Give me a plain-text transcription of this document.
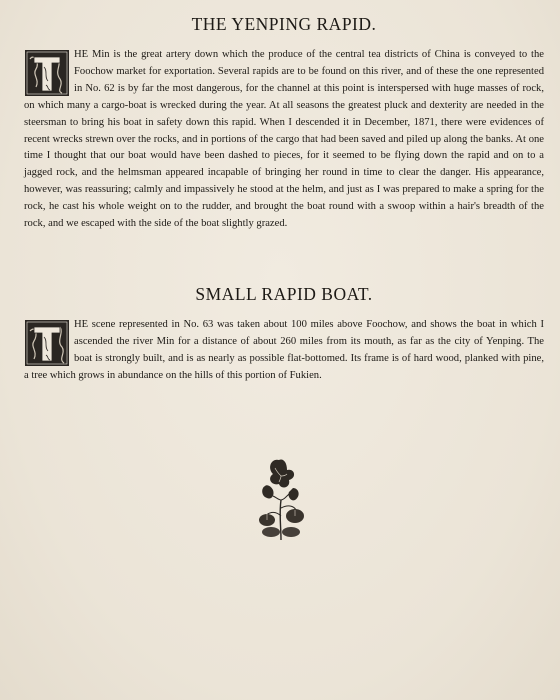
THE YENPING RAPID.

T
HE Min is the great artery down which the produce of the central tea districts of China is conveyed to the Foochow market for exportation. Several rapids are to be found on this river, and of these the one represented in No. 62 is by far the most dangerous, for the channel at this point is interspersed with huge masses of rock, on which many a cargo-boat is wrecked during the year. At all seasons the greatest pluck and dexterity are needed in the steersman to bring his boat in safety down this rapid. When I descended it in December, 1871, there were evidences of recent wrecks strewn over the rocks, and in portions of the cargo that had been saved and piled up along the banks. At one time I thought that our boat would have been dashed to pieces, for it seemed to be flying down the rapid and on to a jagged rock, and the helmsman appeared incapable of bringing her round in time to clear the danger. His appearance, however, was reassuring; calmly and impassively he stood at the helm, and just as I was prepared to make a spring for the rock, he cast his whole weight on to the rudder, and brought the boat round with a swoop within a hair's breadth of the rock, and we escaped with the side of the boat slightly grazed.

SMALL RAPID BOAT.

T
HE scene represented in No. 63 was taken about 100 miles above Foochow, and shows the boat in which I ascended the river Min for a distance of about 260 miles from its mouth, as far as the city of Yenping. The boat is strongly built, and is as nearly as possible flat-bottomed. Its frame is of hard wood, planked with pine, a tree which grows in abundance on the hills of this portion of Fukien.
